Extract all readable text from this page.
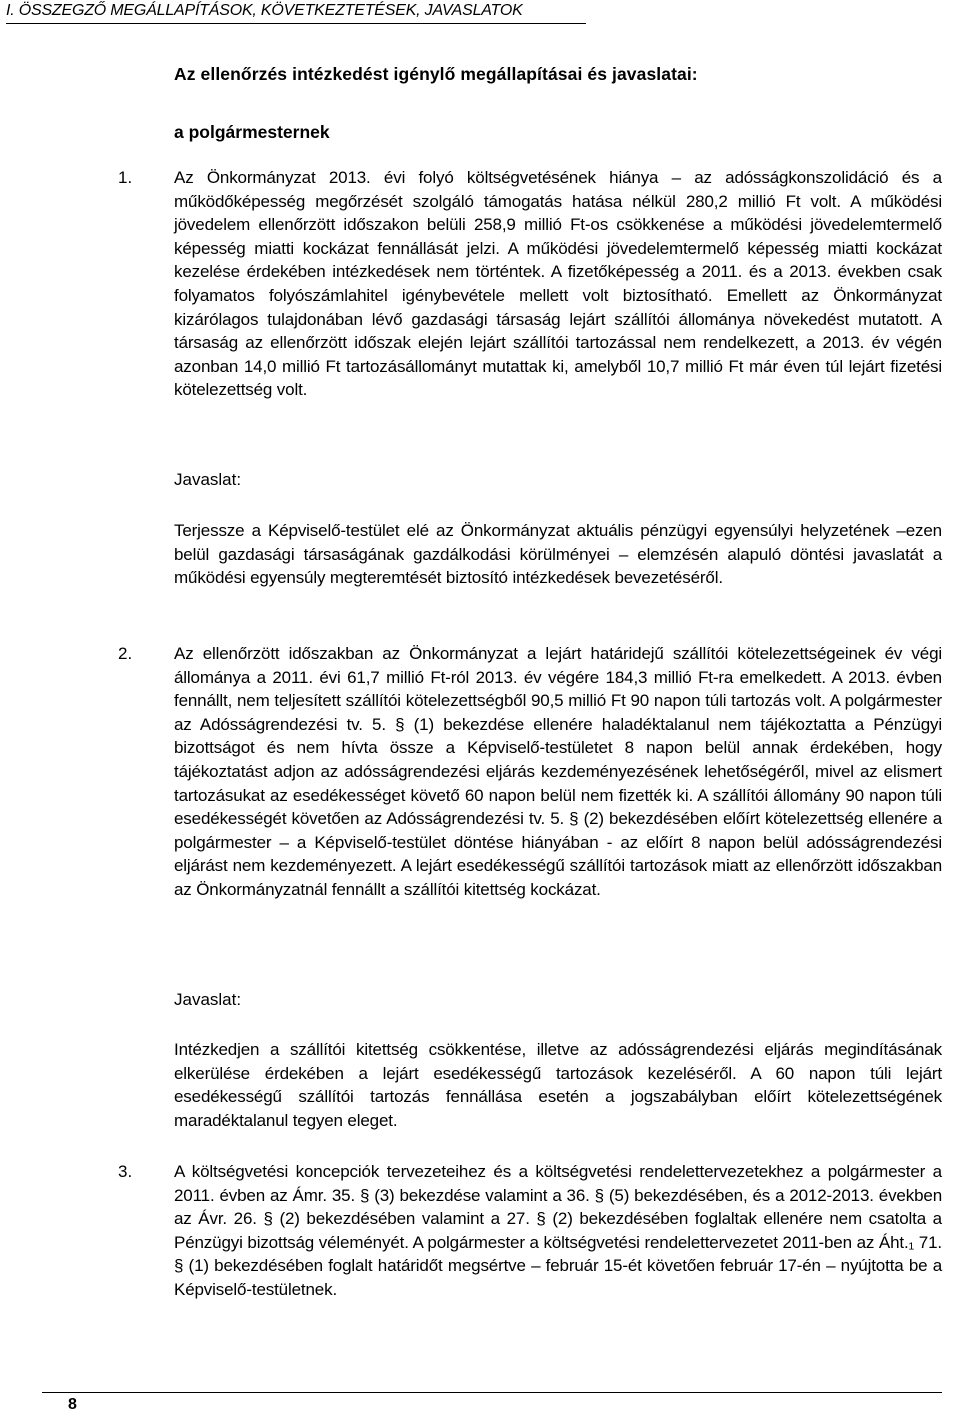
I. ÖSSZEGZŐ MEGÁLLAPÍTÁSOK, KÖVETKEZTETÉSEK, JAVASLATOK
Az ellenőrzés intézkedést igénylő megállapításai és javaslatai:
a polgármesternek
1. Az Önkormányzat 2013. évi folyó költségvetésének hiánya – az adósságkonszolidáció és a működőképesség megőrzését szolgáló támogatás hatása nélkül 280,2 millió Ft volt. A működési jövedelem ellenőrzött időszakon belüli 258,9 millió Ft-os csökkenése a működési jövedelemtermelő képesség miatti kockázat fennállását jelzi. A működési jövedelemtermelő képesség miatti kockázat kezelése érdekében intézkedések nem történtek. A fizetőképesség a 2011. és a 2013. években csak folyamatos folyószámlahitel igénybevétele mellett volt biztosítható. Emellett az Önkormányzat kizárólagos tulajdonában lévő gazdasági társaság lejárt szállítói állománya növekedést mutatott. A társaság az ellenőrzött időszak elején lejárt szállítói tartozással nem rendelkezett, a 2013. év végén azonban 14,0 millió Ft tartozásállományt mutattak ki, amelyből 10,7 millió Ft már éven túl lejárt fizetési kötelezettség volt.
Javaslat:
Terjessze a Képviselő-testület elé az Önkormányzat aktuális pénzügyi egyensúlyi helyzetének –ezen belül gazdasági társaságának gazdálkodási körülményei – elemzésén alapuló döntési javaslatát a működési egyensúly megteremtését biztosító intézkedések bevezetéséről.
2. Az ellenőrzött időszakban az Önkormányzat a lejárt határidejű szállítói kötelezettségeinek év végi állománya a 2011. évi 61,7 millió Ft-ról 2013. év végére 184,3 millió Ft-ra emelkedett. A 2013. évben fennállt, nem teljesített szállítói kötelezettségből 90,5 millió Ft 90 napon túli tartozás volt. A polgármester az Adósságrendezési tv. 5. § (1) bekezdése ellenére haladéktalanul nem tájékoztatta a Pénzügyi bizottságot és nem hívta össze a Képviselő-testületet 8 napon belül annak érdekében, hogy tájékoztatást adjon az adósságrendezési eljárás kezdeményezésének lehetőségéről, mivel az elismert tartozásukat az esedékességet követő 60 napon belül nem fizették ki. A szállítói állomány 90 napon túli esedékességét követően az Adósságrendezési tv. 5. § (2) bekezdésében előírt kötelezettség ellenére a polgármester – a Képviselő-testület döntése hiányában - az előírt 8 napon belül adósságrendezési eljárást nem kezdeményezett. A lejárt esedékességű szállítói tartozások miatt az ellenőrzött időszakban az Önkormányzatnál fennállt a szállítói kitettség kockázat.
Javaslat:
Intézkedjen a szállítói kitettség csökkentése, illetve az adósságrendezési eljárás megindításának elkerülése érdekében a lejárt esedékességű tartozások kezeléséről. A 60 napon túli lejárt esedékességű szállítói tartozás fennállása esetén a jogszabályban előírt kötelezettségének maradéktalanul tegyen eleget.
3. A költségvetési koncepciók tervezeteihez és a költségvetési rendelettervezetekhez a polgármester a 2011. évben az Ámr. 35. § (3) bekezdése valamint a 36. § (5) bekezdésében, és a 2012-2013. években az Ávr. 26. § (2) bekezdésében valamint a 27. § (2) bekezdésében foglaltak ellenére nem csatolta a Pénzügyi bizottság véleményét. A polgármester a költségvetési rendelettervezetet 2011-ben az Áht.₁ 71. § (1) bekezdésében foglalt határidőt megsértve – február 15-ét követően február 17-én – nyújtotta be a Képviselő-testületnek.
8
